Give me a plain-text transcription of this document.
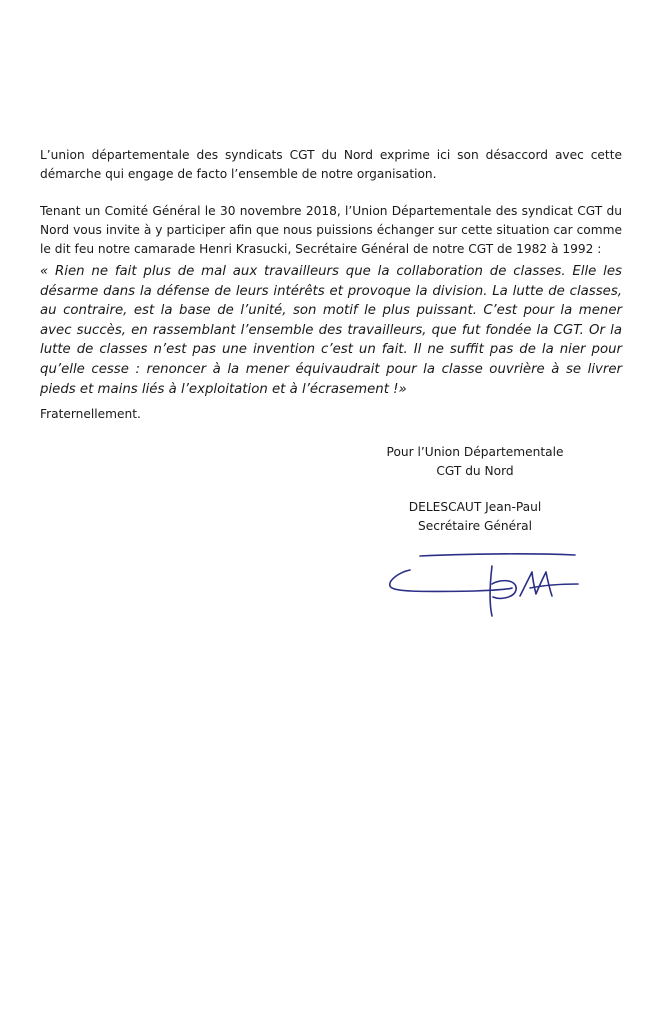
L’union départementale des syndicats CGT du Nord exprime ici son désaccord avec cette démarche qui engage de facto l’ensemble de notre organisation.

Tenant un Comité Général le 30 novembre 2018, l’Union Départementale des syndicat CGT du Nord vous invite à y participer afin que nous puissions échanger sur cette situation car comme le dit feu notre camarade Henri Krasucki, Secrétaire Général de notre CGT de 1982 à 1992 :

« Rien ne fait plus de mal aux travailleurs que la collaboration de classes. Elle les désarme dans la défense de leurs intérêts et provoque la division. La lutte de classes, au contraire, est la base de l’unité, son motif le plus puissant. C’est pour la mener avec succès, en rassemblant l’ensemble des travailleurs, que fut fondée la CGT. Or la lutte de classes n’est pas une invention c’est un fait. Il ne suffit pas de la nier pour qu’elle cesse : renoncer à la mener équivaudrait pour la classe ouvrière à se livrer pieds et mains liés à l’exploitation et à l’écrasement !»

Fraternellement.

Pour l’Union Départementale
CGT du Nord
DELESCAUT Jean-Paul
Secrétaire Général
